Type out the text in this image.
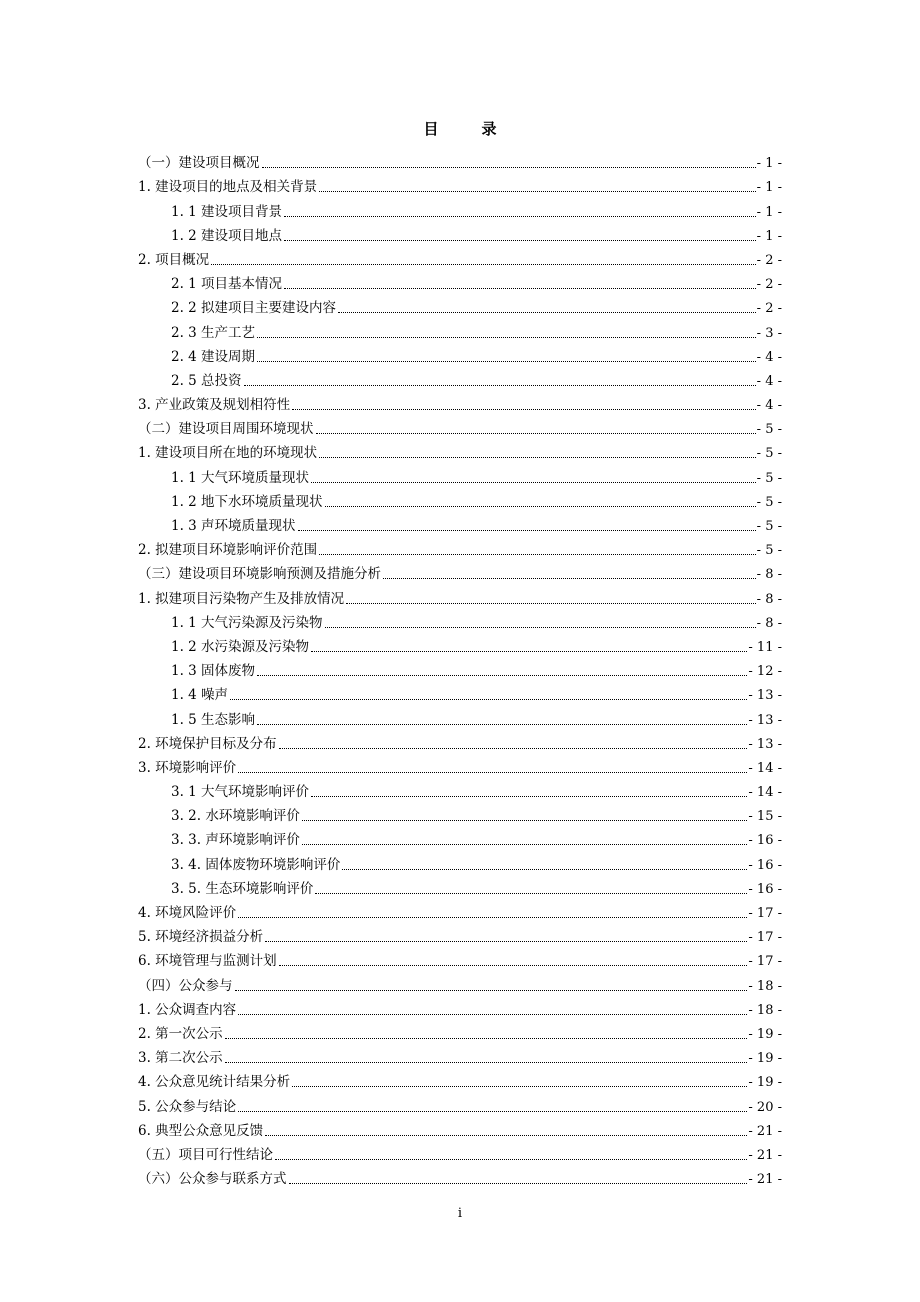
目　录
（一）建设项目概况	- 1 -
1. 建设项目的地点及相关背景	- 1 -
1. 1 建设项目背景	- 1 -
1. 2 建设项目地点	- 1 -
2. 项目概况	- 2 -
2. 1 项目基本情况	- 2 -
2. 2 拟建项目主要建设内容	- 2 -
2. 3 生产工艺	- 3 -
2. 4 建设周期	- 4 -
2. 5 总投资	- 4 -
3. 产业政策及规划相符性	- 4 -
（二）建设项目周围环境现状	- 5 -
1. 建设项目所在地的环境现状	- 5 -
1. 1 大气环境质量现状	- 5 -
1. 2 地下水环境质量现状	- 5 -
1. 3 声环境质量现状	- 5 -
2. 拟建项目环境影响评价范围	- 5 -
（三）建设项目环境影响预测及措施分析	- 8 -
1. 拟建项目污染物产生及排放情况	- 8 -
1. 1 大气污染源及污染物	- 8 -
1. 2 水污染源及污染物	- 11 -
1. 3 固体废物	- 12 -
1. 4 噪声	- 13 -
1. 5 生态影响	- 13 -
2. 环境保护目标及分布	- 13 -
3. 环境影响评价	- 14 -
3. 1 大气环境影响评价	- 14 -
3. 2. 水环境影响评价	- 15 -
3. 3. 声环境影响评价	- 16 -
3. 4. 固体废物环境影响评价	- 16 -
3. 5. 生态环境影响评价	- 16 -
4. 环境风险评价	- 17 -
5. 环境经济损益分析	- 17 -
6. 环境管理与监测计划	- 17 -
（四）公众参与	- 18 -
1. 公众调查内容	- 18 -
2. 第一次公示	- 19 -
3. 第二次公示	- 19 -
4. 公众意见统计结果分析	- 19 -
5. 公众参与结论	- 20 -
6. 典型公众意见反馈	- 21 -
（五）项目可行性结论	- 21 -
（六）公众参与联系方式	- 21 -
i
